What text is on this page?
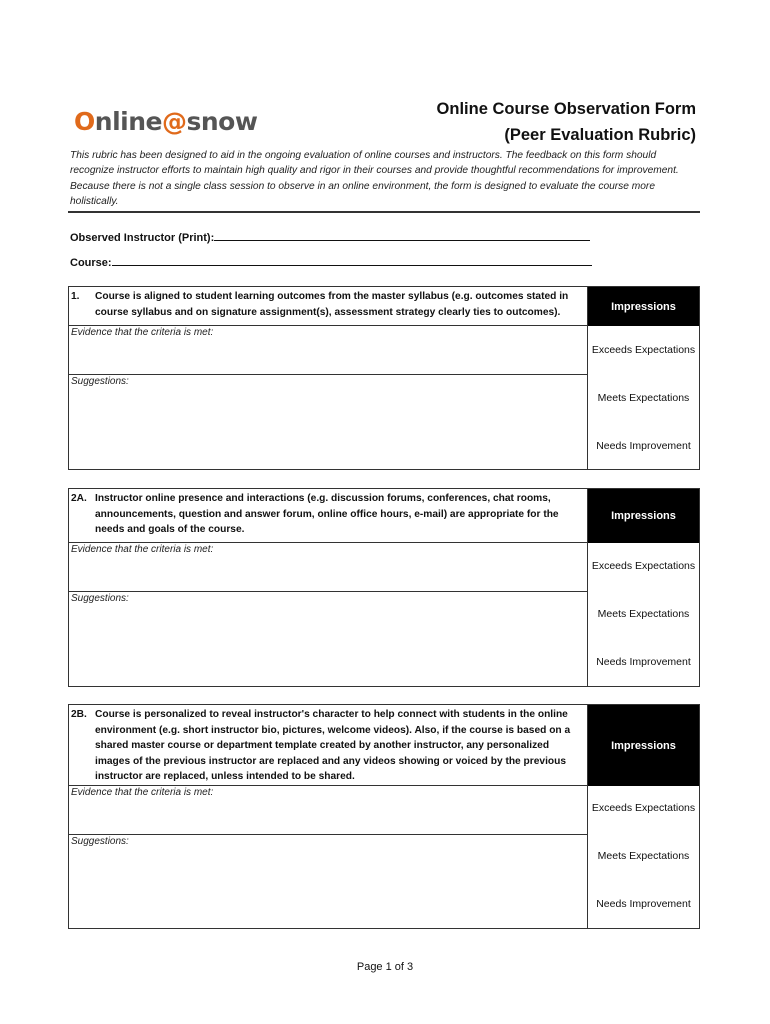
Online@snow	Online Course Observation Form
(Peer Evaluation Rubric)
This rubric has been designed to aid in the ongoing evaluation of online courses and instructors. The feedback on this form should recognize instructor efforts to maintain high quality and rigor in their courses and provide thoughtful recommendations for improvement. Because there is not a single class session to observe in an online environment, the form is designed to evaluate the course more holistically.
Observed Instructor (Print):
Course:
1.	Course is aligned to student learning outcomes from the master syllabus (e.g. outcomes stated in course syllabus and on signature assignment(s), assessment strategy clearly ties to outcomes).
Evidence that the criteria is met:
Suggestions:
Impressions
Exceeds Expectations
Meets Expectations
Needs Improvement
2A. Instructor online presence and interactions (e.g. discussion forums, conferences, chat rooms, announcements, question and answer forum, online office hours, e-mail) are appropriate for the needs and goals of the course.
Evidence that the criteria is met:
Suggestions:
Impressions
Exceeds Expectations
Meets Expectations
Needs Improvement
2B. Course is personalized to reveal instructor's character to help connect with students in the online environment (e.g. short instructor bio, pictures, welcome videos). Also, if the course is based on a shared master course or department template created by another instructor, any personalized images of the previous instructor are replaced and any videos showing or voiced by the previous instructor are replaced, unless intended to be shared.
Evidence that the criteria is met:
Suggestions:
Impressions
Exceeds Expectations
Meets Expectations
Needs Improvement
Page 1 of 3
